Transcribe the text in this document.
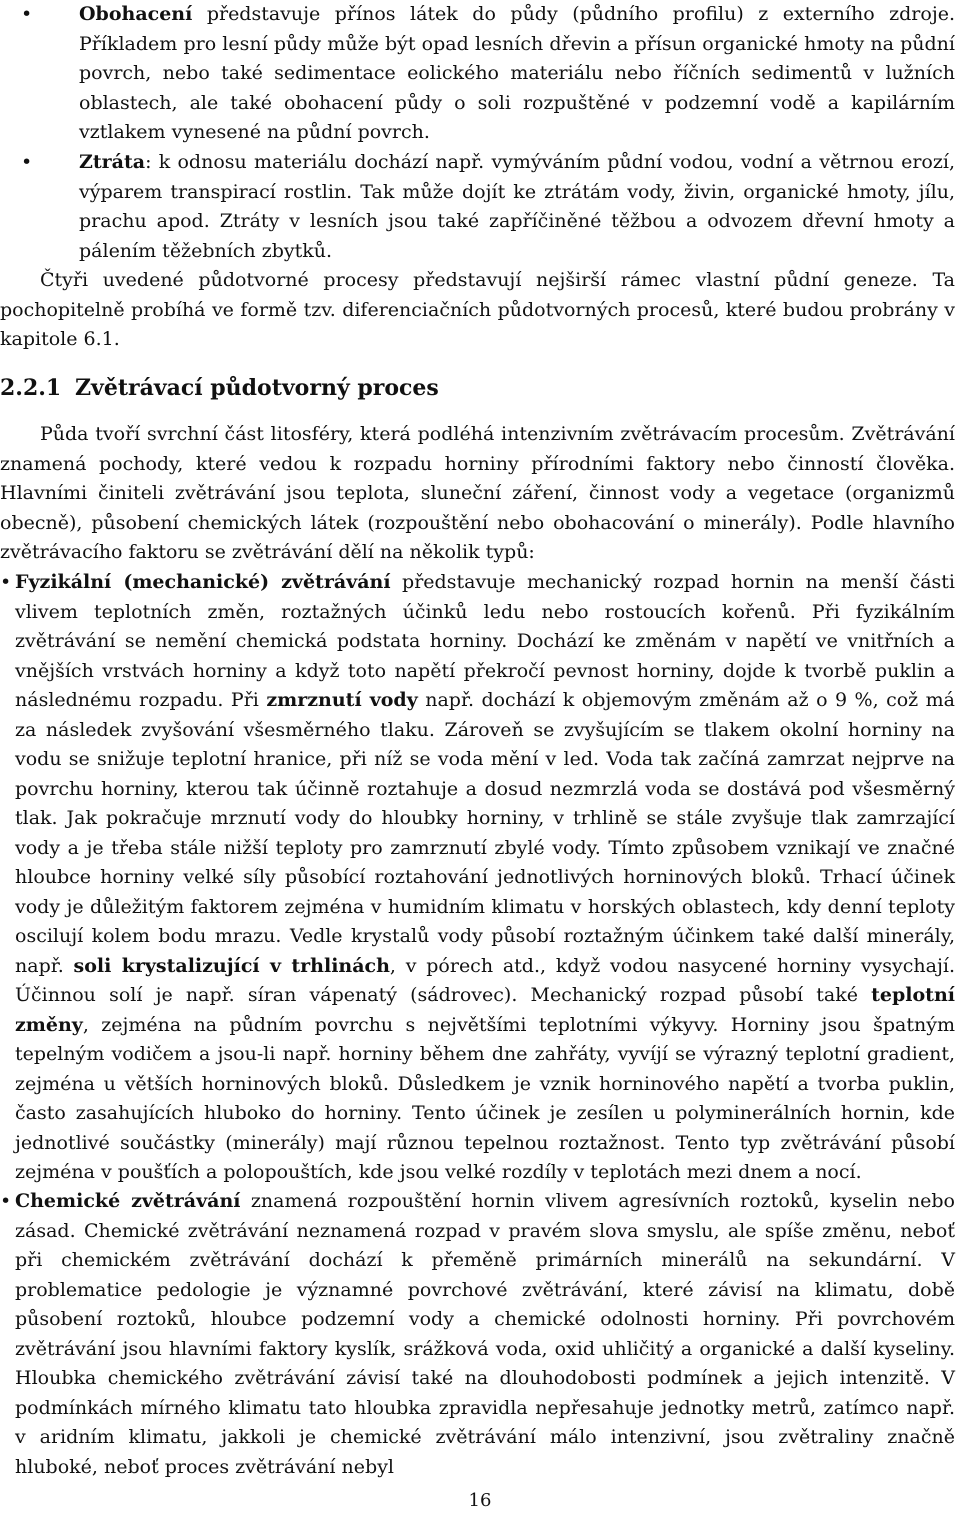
• Obohacení představuje přínos látek do půdy (půdního profilu) z externího zdroje. Příkladem pro lesní půdy může být opad lesních dřevin a přísun organické hmoty na půdní povrch, nebo také sedimentace eolického materiálu nebo říčních sedimentů v lužních oblastech, ale také obohacení půdy o soli rozpuštěné v podzemní vodě a kapilárním vztlakem vynesené na půdní povrch.

• Ztráta: k odnosu materiálu dochází např. vymýváním půdní vodou, vodní a větrnou erozí, výparem transpirací rostlin. Tak může dojít ke ztrátám vody, živin, organické hmoty, jílu, prachu apod. Ztráty v lesních jsou také zapříčiněné těžbou a odvozem dřevní hmoty a pálením těžebních zbytků.

Čtyři uvedené půdotvorné procesy představují nejširší rámec vlastní půdní geneze. Ta pochopitelně probíhá ve formě tzv. diferenciačních půdotvorných procesů, které budou probrány v kapitole 6.1.

2.2.1 Zvětrávací půdotvorný proces

Půda tvoří svrchní část litosféry, která podléhá intenzivním zvětrávacím procesům. Zvětrávání znamená pochody, které vedou k rozpadu horniny přírodními faktory nebo činností člověka. Hlavními činiteli zvětrávání jsou teplota, sluneční záření, činnost vody a vegetace (organizmů obecně), působení chemických látek (rozpouštění nebo obohacování o minerály). Podle hlavního zvětrávacího faktoru se zvětrávání dělí na několik typů:

• Fyzikální (mechanické) zvětrávání představuje mechanický rozpad hornin na menší části vlivem teplotních změn, roztažných účinků ledu nebo rostoucích kořenů. Při fyzikálním zvětrávání se nemění chemická podstata horniny. Dochází ke změnám v napětí ve vnitřních a vnějších vrstvách horniny a když toto napětí překročí pevnost horniny, dojde k tvorbě puklin a následnému rozpadu. Při zmrznutí vody např. dochází k objemovým změnám až o 9 %, což má za následek zvyšování všesměrného tlaku. Zároveň se zvyšujícím se tlakem okolní horniny na vodu se snižuje teplotní hranice, při níž se voda mění v led. Voda tak začíná zamrzat nejprve na povrchu horniny, kterou tak účinně roztahuje a dosud nezmrzlá voda se dostává pod všesměrný tlak. Jak pokračuje mrznutí vody do hloubky horniny, v trhlině se stále zvyšuje tlak zamrzající vody a je třeba stále nižší teploty pro zamrznutí zbylé vody. Tímto způsobem vznikají ve značné hloubce horniny velké síly působící roztahování jednotlivých horninových bloků. Trhací účinek vody je důležitým faktorem zejména v humidním klimatu v horských oblastech, kdy denní teploty oscilují kolem bodu mrazu. Vedle krystalů vody působí roztažným účinkem také další minerály, např. soli krystalizující v trhlinách, v pórech atd., když vodou nasycené horniny vysychají. Účinnou solí je např. síran vápenatý (sádrovec). Mechanický rozpad působí také teplotní změny, zejména na půdním povrchu s největšími teplotními výkyvy. Horniny jsou špatným tepelným vodičem a jsou-li např. horniny během dne zahřáty, vyvíjí se výrazný teplotní gradient, zejména u větších horninových bloků. Důsledkem je vznik horninového napětí a tvorba puklin, často zasahujících hluboko do horniny. Tento účinek je zesílen u polyminerálních hornin, kde jednotlivé součástky (minerály) mají různou tepelnou roztažnost. Tento typ zvětrávání působí zejména v poušťích a polopouštích, kde jsou velké rozdíly v teplotách mezi dnem a nocí.

• Chemické zvětrávání znamená rozpouštění hornin vlivem agresívních roztoků, kyselin nebo zásad. Chemické zvětrávání neznamená rozpad v pravém slova smyslu, ale spíše změnu, neboť při chemickém zvětrávání dochází k přeměně primárních minerálů na sekundární. V problematice pedologie je významné povrchové zvětrávání, které závisí na klimatu, době působení roztoků, hloubce podzemní vody a chemické odolnosti horniny. Při povrchovém zvětrávání jsou hlavními faktory kyslík, srážková voda, oxid uhličitý a organické a další kyseliny. Hloubka chemického zvětrávání závisí také na dlouhodobosti podmínek a jejich intenzitě. V podmínkách mírného klimatu tato hloubka zpravidla nepřesahuje jednotky metrů, zatímco např. v aridním klimatu, jakkoli je chemické zvětrávání málo intenzivní, jsou zvětraliny značně hluboké, neboť proces zvětrávání nebyl

16
